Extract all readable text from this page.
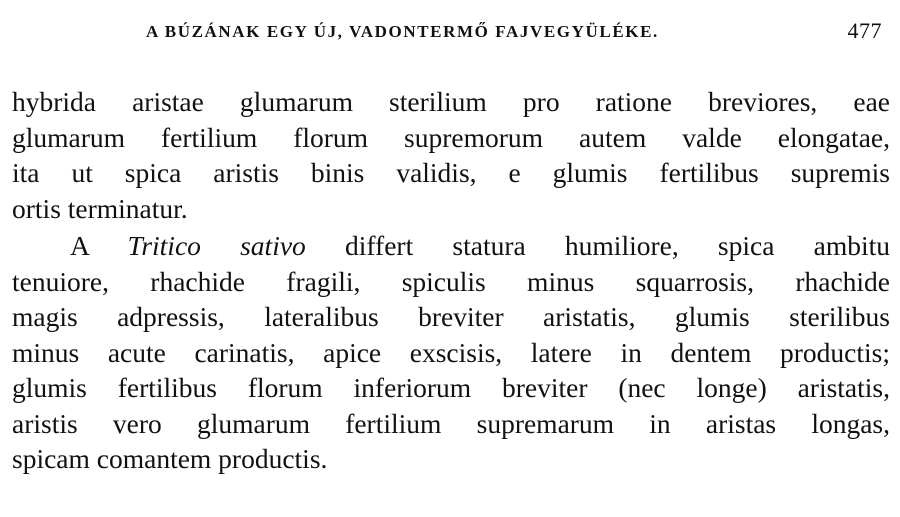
A BÚZÁNAK EGY ÚJ, VADONTERMŐ FAJVEGYÜLÉKE.	477
hybrida aristae glumarum sterilium pro ratione breviores, eae
glumarum fertilium florum supremorum autem valde elongatae,
ita ut spica aristis binis validis, e glumis fertilibus supremis
ortis terminatur.
A Tritico sativo differt statura humiliore, spica ambitu
tenuiore, rhachide fragili, spiculis minus squarrosis, rhachide
magis adpressis, lateralibus breviter aristatis, glumis sterilibus
minus acute carinatis, apice exscisis, latere in dentem productis;
glumis fertilibus florum inferiorum breviter (nec longe) aristatis,
aristis vero glumarum fertilium supremarum in aristas longas,
spicam comantem productis.
